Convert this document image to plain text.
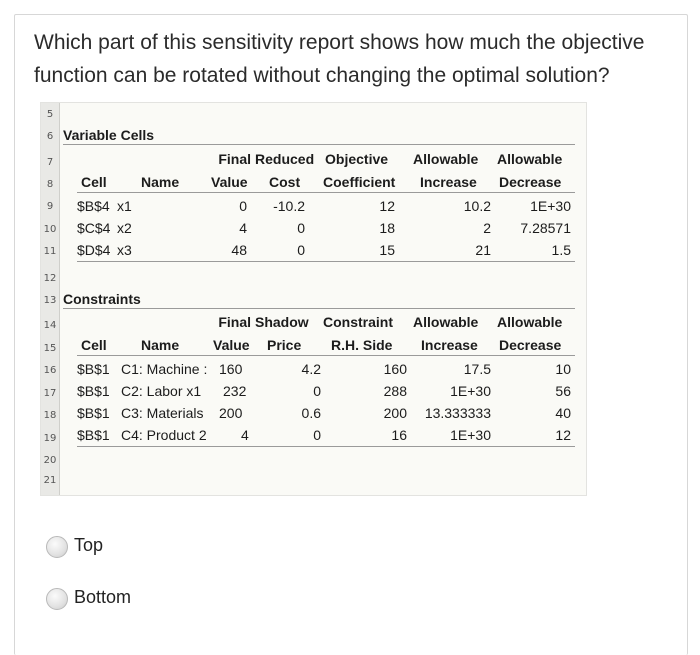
Which part of this sensitivity report shows how much the objective function can be rotated without changing the optimal solution?
5
6
7
8
9
10
11
12
13
14
15
16
17
18
19
20
21
Variable Cells
Final Reduced Objective Allowable Allowable
Cell Name Value Cost Coefficient Increase Decrease
$B$4 x1	0	-10.2	12	10.2	1E+30
$C$4 x2	4	0	18	2	7.28571
$D$4 x3	48	0	15	21	1.5
Constraints
Final Shadow Constraint Allowable Allowable
Cell Name Value Price R.H. Side Increase Decrease
$B$1 C1: Machine : 160	4.2	160	17.5	10
$B$1 C2: Labor x1 232	0	288	1E+30	56
$B$1 C3: Materials 200	0.6	200 13.333333	40
$B$1 C4: Product 2 4	0	16	1E+30	12
Top
Bottom
